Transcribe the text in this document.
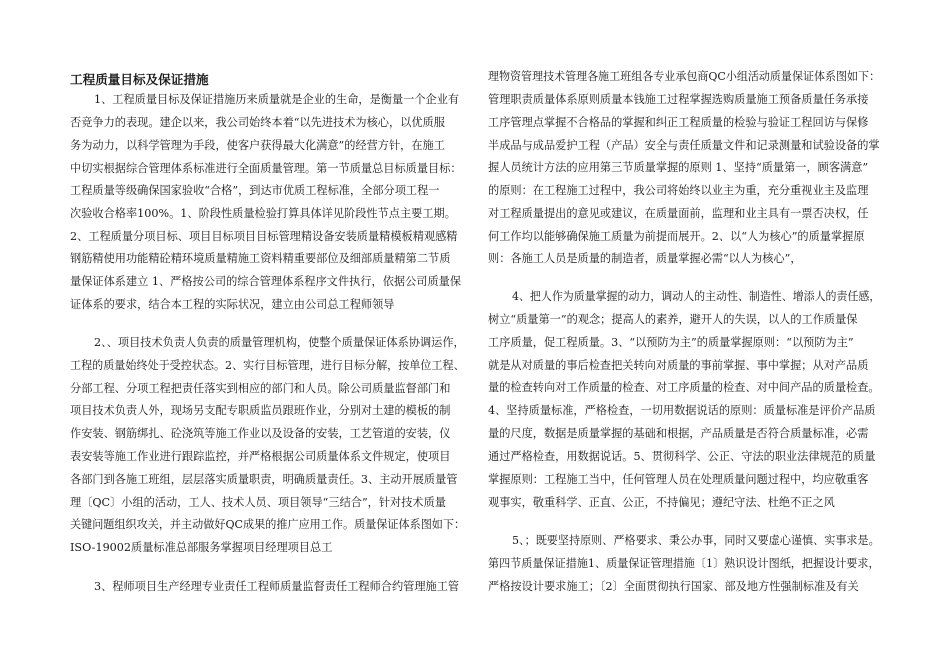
工程质量目标及保证措施
1、工程质量目标及保证措施历来质量就是企业的生命，是衡量一个企业有
否竞争力的表现。建企以来，我公司始终本着“以先进技术为核心，以优质服
务为动力，以科学管理为手段，使客户获得最大化满意”的经营方针，在施工
中切实根据综合管理体系标准进行全面质量管理。第一节质量总目标质量目标：
工程质量等级确保国家验收“合格”，到达市优质工程标准，全部分项工程一
次验收合格率100%。1、阶段性质量检验打算具体详见阶段性节点主要工期。
2、工程质量分项目标、项目目标项目目标管理精设备安装质量精模板精观感精
钢筋精使用功能精砼精环境质量精施工资料精重要部位及细部质量精第二节质
量保证体系建立 1、严格按公司的综合管理体系程序文件执行，依据公司质量保
证体系的要求，结合本工程的实际状况，建立由公司总工程师领导
2、、项目技术负责人负责的质量管理机构，使整个质量保证体系协调运作，
工程的质量始终处于受控状态。2、实行目标管理，进行目标分解，按单位工程、
分部工程、分项工程把责任落实到相应的部门和人员。除公司质量监督部门和
项目技术负责人外，现场另支配专职质监员跟班作业，分别对土建的模板的制
作安装、钢筋绑扎、砼浇筑等施工作业以及设备的安装，工艺管道的安装，仪
表安装等施工作业进行跟踪监控，并严格根据公司质量体系文件规定，使项目
各部门到各施工班组，层层落实质量职责，明确质量责任。3、主动开展质量管
理〔QC〕小组的活动，工人、技术人员、项目领导“三结合”，针对技术质量
关键问题组织攻关，并主动做好QC成果的推广应用工作。质量保证体系图如下：
ISO-19002质量标准总部服务掌握项目经理项目总工
3、程师项目生产经理专业责任工程师质量监督责任工程师合约管理施工管
理物资管理技术管理各施工班组各专业承包商QC小组活动质量保证体系图如下：
管理职责质量体系原则质量本钱施工过程掌握选购质量施工预备质量任务承接
工序管理点掌握不合格品的掌握和纠正工程质量的检验与验证工程回访与保修
半成品与成品爱护工程（产品）安全与责任质量文件和记录测量和试验设备的掌
握人员统计方法的应用第三节质量掌握的原则 1、坚持“质量第一，顾客满意”
的原则：在工程施工过程中，我公司将始终以业主为重，充分重视业主及监理
对工程质量提出的意见或建议，在质量面前，监理和业主具有一票否决权，任
何工作均以能够确保施工质量为前提而展开。2、以“人为核心”的质量掌握原
则：各施工人员是质量的制造者，质量掌握必需“以人为核心”，
4、把人作为质量掌握的动力，调动人的主动性、制造性、增添人的责任感，
树立“质量第一”的观念；提高人的素养，避开人的失误，以人的工作质量保
工序质量，促工程质量。3、“以预防为主”的质量掌握原则：“以预防为主”
就是从对质量的事后检查把关转向对质量的事前掌握、事中掌握；从对产品质
量的检查转向对工作质量的检查、对工序质量的检查、对中间产品的质量检查。
4、坚持质量标准，严格检查，一切用数据说话的原则：质量标准是评价产品质
量的尺度，数据是质量掌握的基础和根据，产品质量是否符合质量标准，必需
通过严格检查，用数据说话。5、贯彻科学、公正、守法的职业法律规范的质量
掌握原则：工程施工当中，任何管理人员在处理质量问题过程中，均应敬重客
观事实，敬重科学、正直、公正，不持偏见；遵纪守法、杜绝不正之风
5、；既要坚持原则、严格要求、秉公办事，同时又要虚心谨慎、实事求是。
第四节质量保证措施1、质量保证管理措施〔1〕熟识设计图纸，把握设计要求，
严格按设计要求施工；〔2〕全面贯彻执行国家、部及地方性强制标准及有关
